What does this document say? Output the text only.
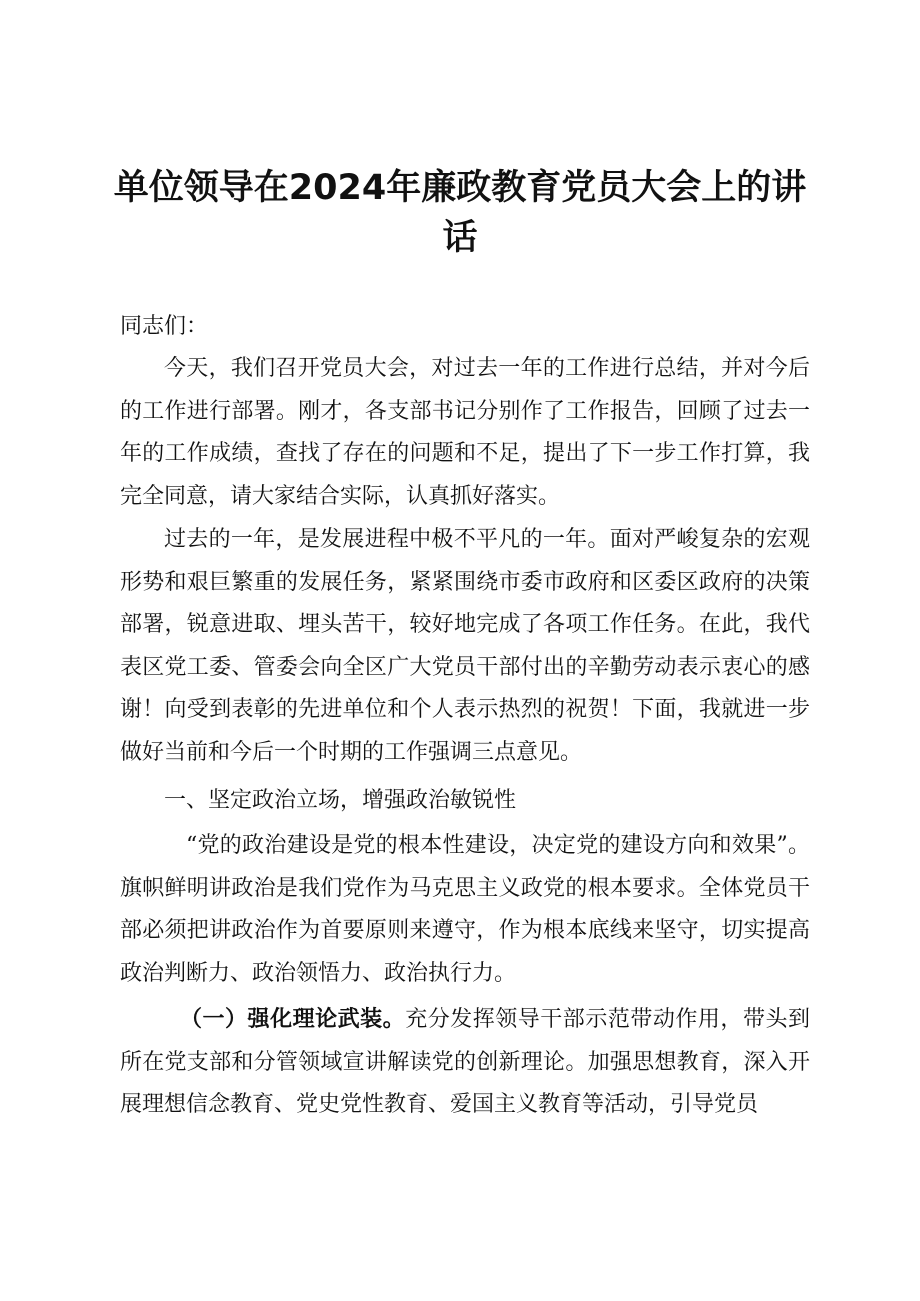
单位领导在2024年廉政教育党员大会上的讲
话

同志们：

今天，我们召开党员大会，对过去一年的工作进行总结，并对今后的工作进行部署。刚才，各支部书记分别作了工作报告，回顾了过去一年的工作成绩，查找了存在的问题和不足，提出了下一步工作打算，我完全同意，请大家结合实际，认真抓好落实。

过去的一年，是发展进程中极不平凡的一年。面对严峻复杂的宏观形势和艰巨繁重的发展任务，紧紧围绕市委市政府和区委区政府的决策部署，锐意进取、埋头苦干，较好地完成了各项工作任务。在此，我代表区党工委、管委会向全区广大党员干部付出的辛勤劳动表示衷心的感谢！向受到表彰的先进单位和个人表示热烈的祝贺！下面，我就进一步做好当前和今后一个时期的工作强调三点意见。

一、坚定政治立场，增强政治敏锐性

“党的政治建设是党的根本性建设，决定党的建设方向和效果”。旗帜鲜明讲政治是我们党作为马克思主义政党的根本要求。全体党员干部必须把讲政治作为首要原则来遵守，作为根本底线来坚守，切实提高政治判断力、政治领悟力、政治执行力。

（一）强化理论武装。充分发挥领导干部示范带动作用，带头到所在党支部和分管领域宣讲解读党的创新理论。加强思想教育，深入开展理想信念教育、党史党性教育、爱国主义教育等活动，引导党员
